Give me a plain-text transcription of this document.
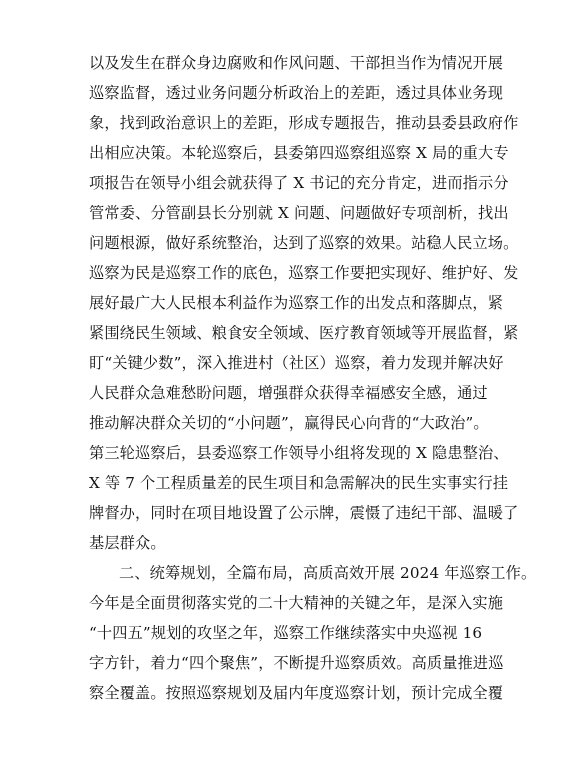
以及发生在群众身边腐败和作风问题、干部担当作为情况开展
巡察监督，透过业务问题分析政治上的差距，透过具体业务现
象，找到政治意识上的差距，形成专题报告，推动县委县政府作
出相应决策。本轮巡察后，县委第四巡察组巡察 X 局的重大专
项报告在领导小组会就获得了 X 书记的充分肯定，进而指示分
管常委、分管副县长分别就 X 问题、问题做好专项剖析，找出
问题根源，做好系统整治，达到了巡察的效果。站稳人民立场。
巡察为民是巡察工作的底色，巡察工作要把实现好、维护好、发
展好最广大人民根本利益作为巡察工作的出发点和落脚点，紧
紧围绕民生领域、粮食安全领域、医疗教育领域等开展监督，紧
盯“关键少数”，深入推进村（社区）巡察，着力发现并解决好
人民群众急难愁盼问题，增强群众获得幸福感安全感，通过
推动解决群众关切的“小问题”，赢得民心向背的“大政治”。
第三轮巡察后，县委巡察工作领导小组将发现的 X 隐患整治、
X 等 7 个工程质量差的民生项目和急需解决的民生实事实行挂
牌督办，同时在项目地设置了公示牌，震慑了违纪干部、温暖了
基层群众。
二、统筹规划，全篇布局，高质高效开展 2024 年巡察工作。
今年是全面贯彻落实党的二十大精神的关键之年，是深入实施
“十四五”规划的攻坚之年，巡察工作继续落实中央巡视 16
字方针，着力“四个聚焦”，不断提升巡察质效。高质量推进巡
察全覆盖。按照巡察规划及届内年度巡察计划，预计完成全覆
